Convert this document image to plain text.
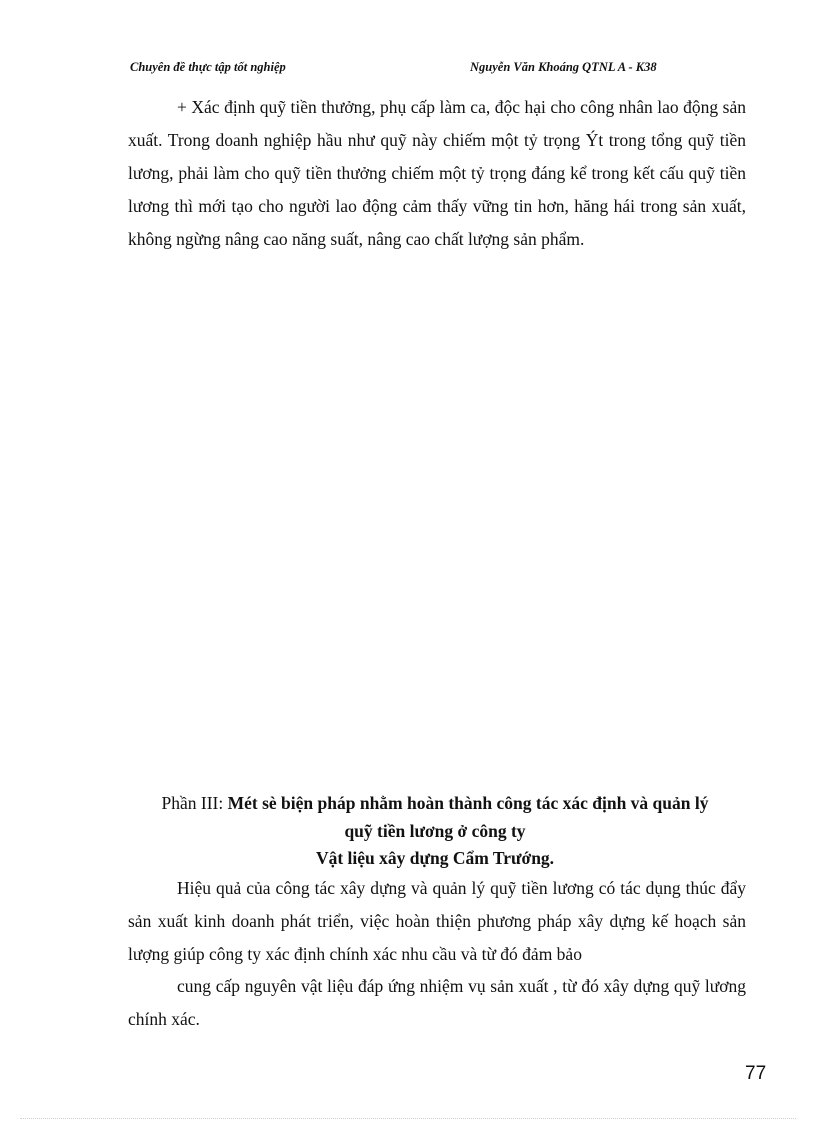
Chuyên đề thực tập tốt nghiệp	Nguyễn Văn Khoáng QTNL A - K38

+ Xác định quỹ tiền thưởng, phụ cấp làm ca, độc hại cho công nhân lao động sản xuất. Trong doanh nghiệp hầu như quỹ này chiếm một tỷ trọng Ýt trong tổng quỹ tiền lương, phải làm cho quỹ tiền thưởng chiếm một tỷ trọng đáng kể trong kết cấu quỹ tiền lương thì mới tạo cho người lao động cảm thấy vững tin hơn, hăng hái trong sản xuất, không ngừng nâng cao năng suất, nâng cao chất lượng sản phẩm.

Phần III: Mét sè biện pháp nhằm hoàn thành công tác xác định và quản lý
quỹ tiền lương ở công ty
Vật liệu xây dựng Cẩm Trướng.

Hiệu quả của công tác xây dựng và quản lý quỹ tiền lương có tác dụng thúc đẩy sản xuất kinh doanh phát triển, việc hoàn thiện phương pháp xây dựng kế hoạch sản lượng giúp công ty xác định chính xác nhu cầu và từ đó đảm bảo

cung cấp nguyên vật liệu đáp ứng nhiệm vụ sản xuất , từ đó xây dựng quỹ lương chính xác.

77
